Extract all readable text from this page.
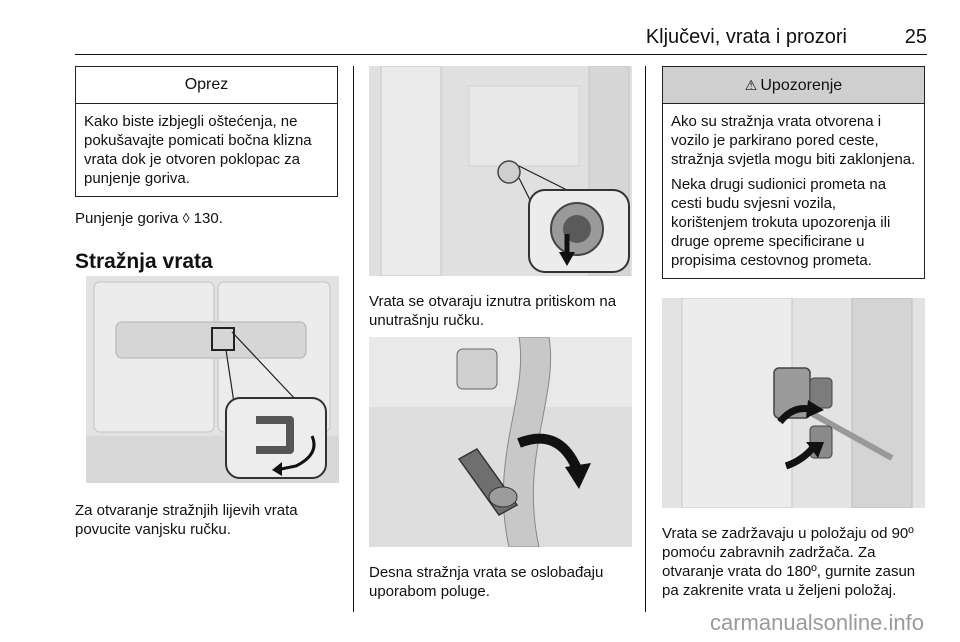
Ključevi, vrata i prozori	25
Oprez

Kako biste izbjegli oštećenja, ne pokušavajte pomicati bočna klizna vrata dok je otvoren poklopac za punjenje goriva.

Punjenje goriva ◊ 130.

Stražnja vrata

Za otvaranje stražnjih lijevih vrata povucite vanjsku ručku.

Vrata se otvaraju iznutra pritiskom na unutrašnju ručku.

Desna stražnja vrata se oslobađaju uporabom poluge.

⚠ Upozorenje

Ako su stražnja vrata otvorena i vozilo je parkirano pored ceste, stražnja svjetla mogu biti zaklonjena.

Neka drugi sudionici prometa na cesti budu svjesni vozila, korištenjem trokuta upozorenja ili druge opreme specificirane u propisima cestovnog prometa.

Vrata se zadržavaju u položaju od 90º pomoću zabravnih zadržača. Za otvaranje vrata do 180º, gurnite zasun pa zakrenite vrata u željeni položaj.

carmanualsonline.info
